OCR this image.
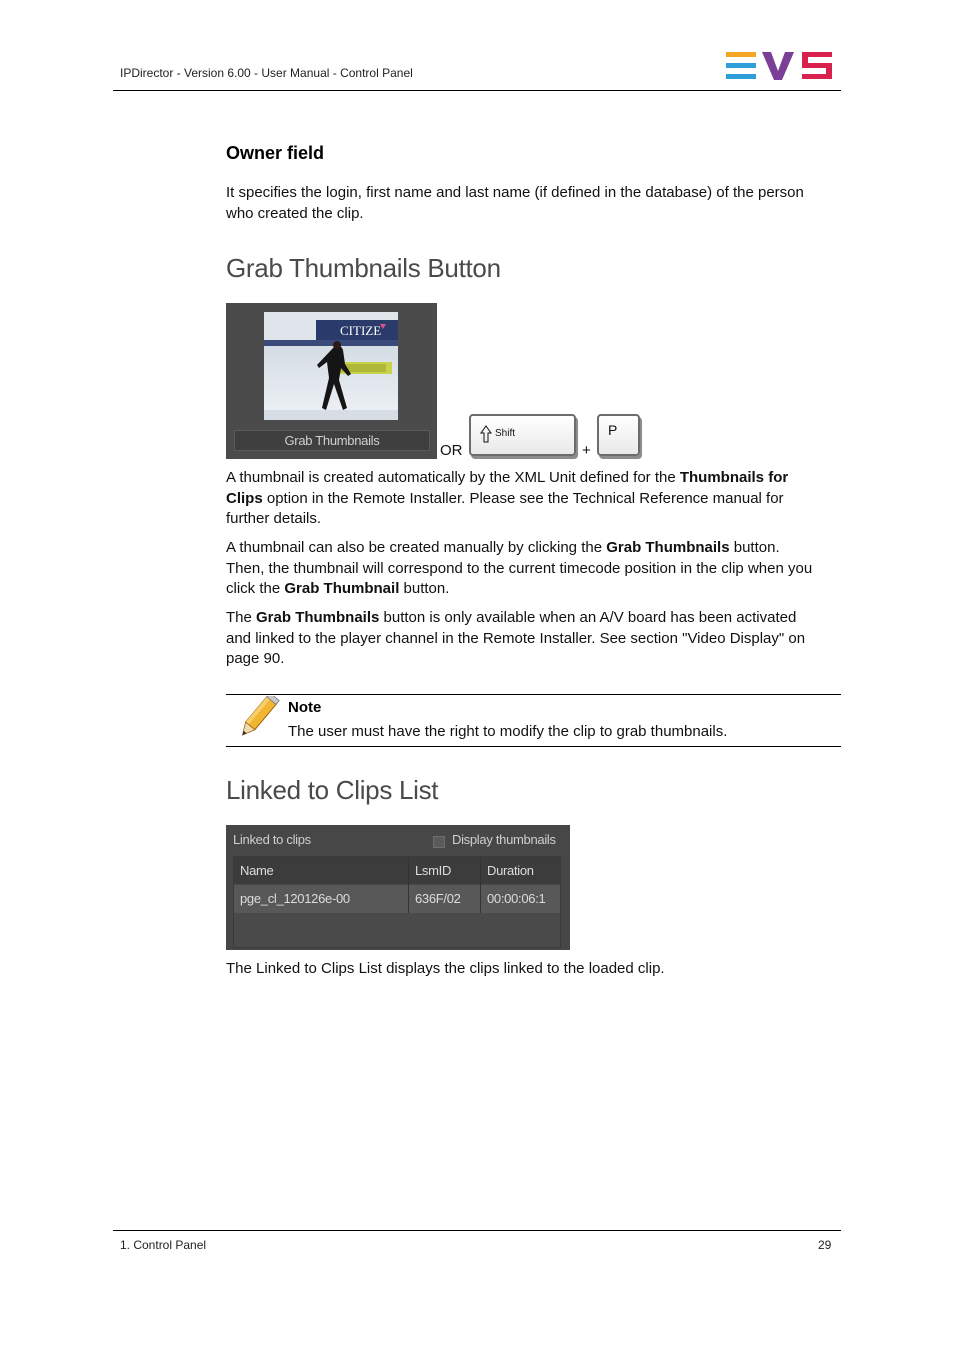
IPDirector - Version 6.00 - User Manual - Control Panel
Owner field
It specifies the login, first name and last name (if defined in the database) of the person
who created the clip.
Grab Thumbnails Button
CITIZE
Grab Thumbnails
OR
Shift
+
P
A thumbnail is created automatically by the XML Unit defined for the Thumbnails for
Clips option in the Remote Installer. Please see the Technical Reference manual for
further details.
A thumbnail can also be created manually by clicking the Grab Thumbnails button.
Then, the thumbnail will correspond to the current timecode position in the clip when you
click the Grab Thumbnail button.
The Grab Thumbnails button is only available when an A/V board has been activated
and linked to the player channel in the Remote Installer. See section "Video Display" on
page 90.
Note
The user must have the right to modify the clip to grab thumbnails.
Linked to Clips List
Linked to clips	Display thumbnails
Name	LsmID	Duration
pge_cl_120126e-00	636F/02	00:00:06:1
The Linked to Clips List displays the clips linked to the loaded clip.
1. Control Panel	29
